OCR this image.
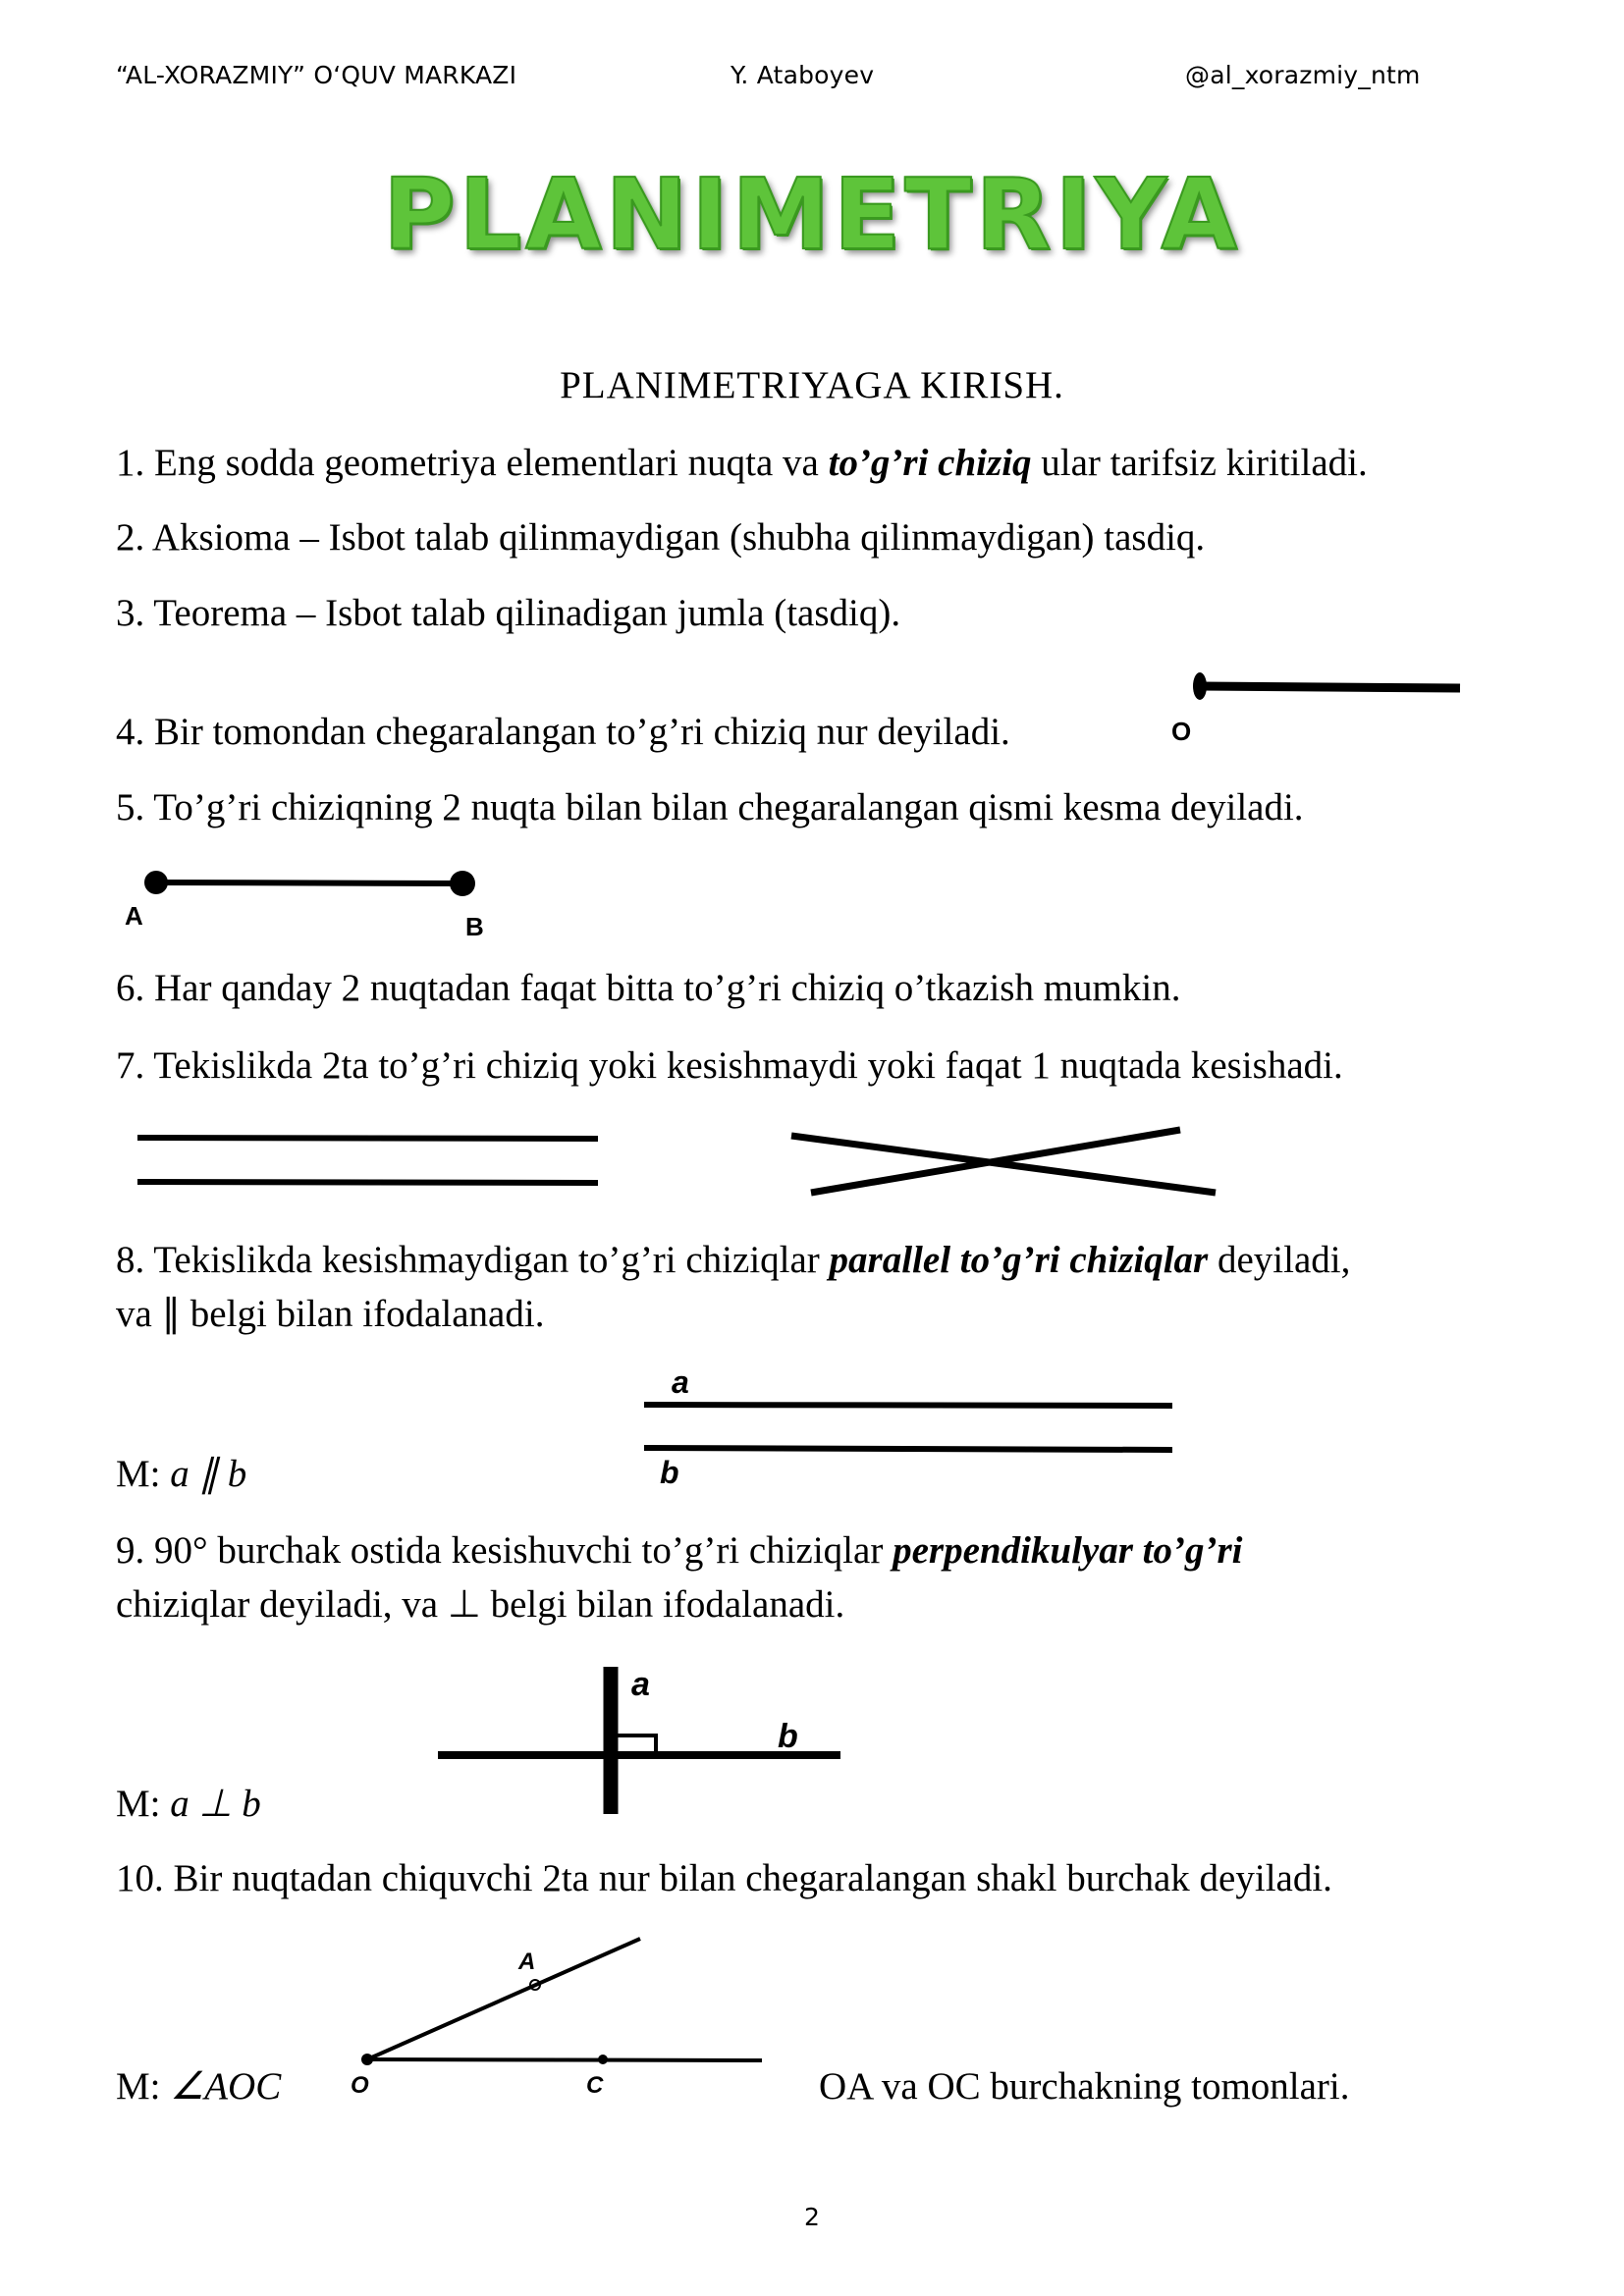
“AL-XORAZMIY” O‘QUV MARKAZI	Y. Ataboyev	@al_xorazmiy_ntm
PLANIMETRIYA
PLANIMETRIYAGA KIRISH.
1. Eng sodda geometriya elementlari nuqta va to’g’ri chiziq ular tarifsiz kiritiladi.
2. Aksioma – Isbot talab qilinmaydigan (shubha qilinmaydigan) tasdiq.
3. Teorema – Isbot talab qilinadigan jumla (tasdiq).
4. Bir tomondan chegaralangan to’g’ri chiziq nur deyiladi.
5. To’g’ri chiziqning 2 nuqta bilan bilan chegaralangan qismi kesma deyiladi.
6. Har qanday 2 nuqtadan faqat bitta to’g’ri chiziq o’tkazish mumkin.
7. Tekislikda 2ta to’g’ri chiziq yoki kesishmaydi yoki faqat 1 nuqtada kesishadi.
8. Tekislikda kesishmaydigan to’g’ri chiziqlar parallel to’g’ri chiziqlar deyiladi,
va ∥ belgi bilan ifodalanadi.
M: a ∥ b
9. 90° burchak ostida kesishuvchi to’g’ri chiziqlar perpendikulyar to’g’ri
chiziqlar deyiladi, va ⊥ belgi bilan ifodalanadi.
M: a ⊥ b
10. Bir nuqtadan chiquvchi 2ta nur bilan chegaralangan shakl burchak deyiladi.
M: ∠AOC	OA va OC burchakning tomonlari.
O
A	B
a
b
a
b
A
O	C
2
